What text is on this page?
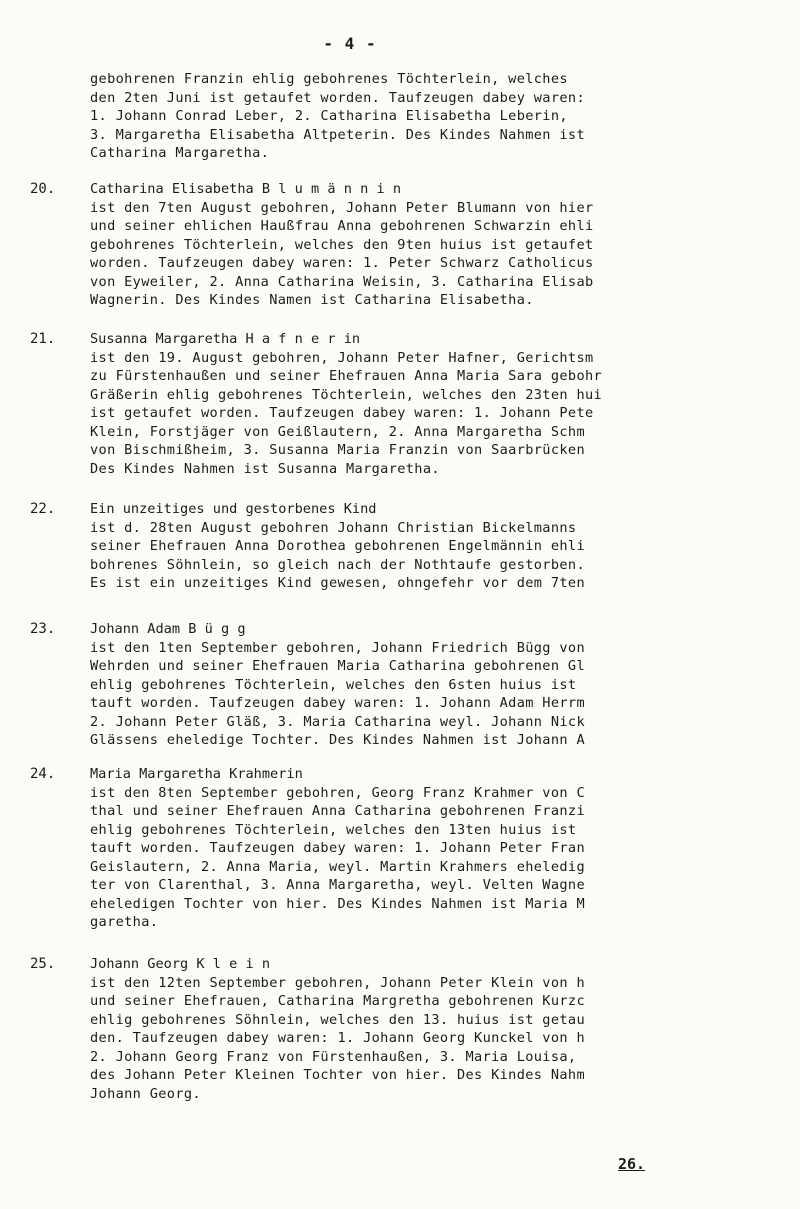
- 4 -
gebohrenen Franzin ehlig gebohrenes Töchterlein, welches
den 2ten Juni ist getaufet worden. Taufzeugen dabey waren:
1. Johann Conrad Leber, 2. Catharina Elisabetha Leberin,
3. Margaretha Elisabetha Altpeterin. Des Kindes Nahmen ist
Catharina Margaretha.
20.	Catharina Elisabetha B l u m ä n n i n
ist den 7ten August gebohren, Johann Peter Blumann von hier
und seiner ehlichen Haußfrau Anna gebohrenen Schwarzin ehli
gebohrenes Töchterlein, welches den 9ten huius ist getaufet
worden. Taufzeugen dabey waren: 1. Peter Schwarz Catholicus
von Eyweiler, 2. Anna Catharina Weisin, 3. Catharina Elisab
Wagnerin. Des Kindes Namen ist Catharina Elisabetha.
21.	Susanna Margaretha H a f n e r in
ist den 19. August gebohren, Johann Peter Hafner, Gerichtsm
zu Fürstenhaußen und seiner Ehefrauen Anna Maria Sara gebohr
Gräßerin ehlig gebohrenes Töchterlein, welches den 23ten hui
ist getaufet worden. Taufzeugen dabey waren: 1. Johann Pete
Klein, Forstjäger von Geißlautern, 2. Anna Margaretha Schm
von Bischmißheim, 3. Susanna Maria Franzin von Saarbrücken
Des Kindes Nahmen ist Susanna Margaretha.
22.	Ein unzeitiges und gestorbenes Kind
ist d. 28ten August gebohren Johann Christian Bickelmanns
seiner Ehefrauen Anna Dorothea gebohrenen Engelmännin ehli
bohrenes Söhnlein, so gleich nach der Nothtaufe gestorben.
Es ist ein unzeitiges Kind gewesen, ohngefehr vor dem 7ten
23.	Johann Adam B ü g g
ist den 1ten September gebohren, Johann Friedrich Bügg von
Wehrden und seiner Ehefrauen Maria Catharina gebohrenen Gl
ehlig gebohrenes Töchterlein, welches den 6sten huius ist
tauft worden. Taufzeugen dabey waren: 1. Johann Adam Herrm
2. Johann Peter Gläß, 3. Maria Catharina weyl. Johann Nick
Glässens eheledige Tochter. Des Kindes Nahmen ist Johann A
24.	Maria Margaretha Krahmerin
ist den 8ten September gebohren, Georg Franz Krahmer von C
thal und seiner Ehefrauen Anna Catharina gebohrenen Franzi
ehlig gebohrenes Töchterlein, welches den 13ten huius ist
tauft worden. Taufzeugen dabey waren: 1. Johann Peter Fran
Geislautern, 2. Anna Maria, weyl. Martin Krahmers eheledig
ter von Clarenthal, 3. Anna Margaretha, weyl. Velten Wagne
eheledigen Tochter von hier. Des Kindes Nahmen ist Maria M
garetha.
25.	Johann Georg K l e i n
ist den 12ten September gebohren, Johann Peter Klein von h
und seiner Ehefrauen, Catharina Margretha gebohrenen Kurzc
ehlig gebohrenes Söhnlein, welches den 13. huius ist getau
den. Taufzeugen dabey waren: 1. Johann Georg Kunckel von h
2. Johann Georg Franz von Fürstenhaußen, 3. Maria Louisa,
des Johann Peter Kleinen Tochter von hier. Des Kindes Nahm
Johann Georg.
26.
